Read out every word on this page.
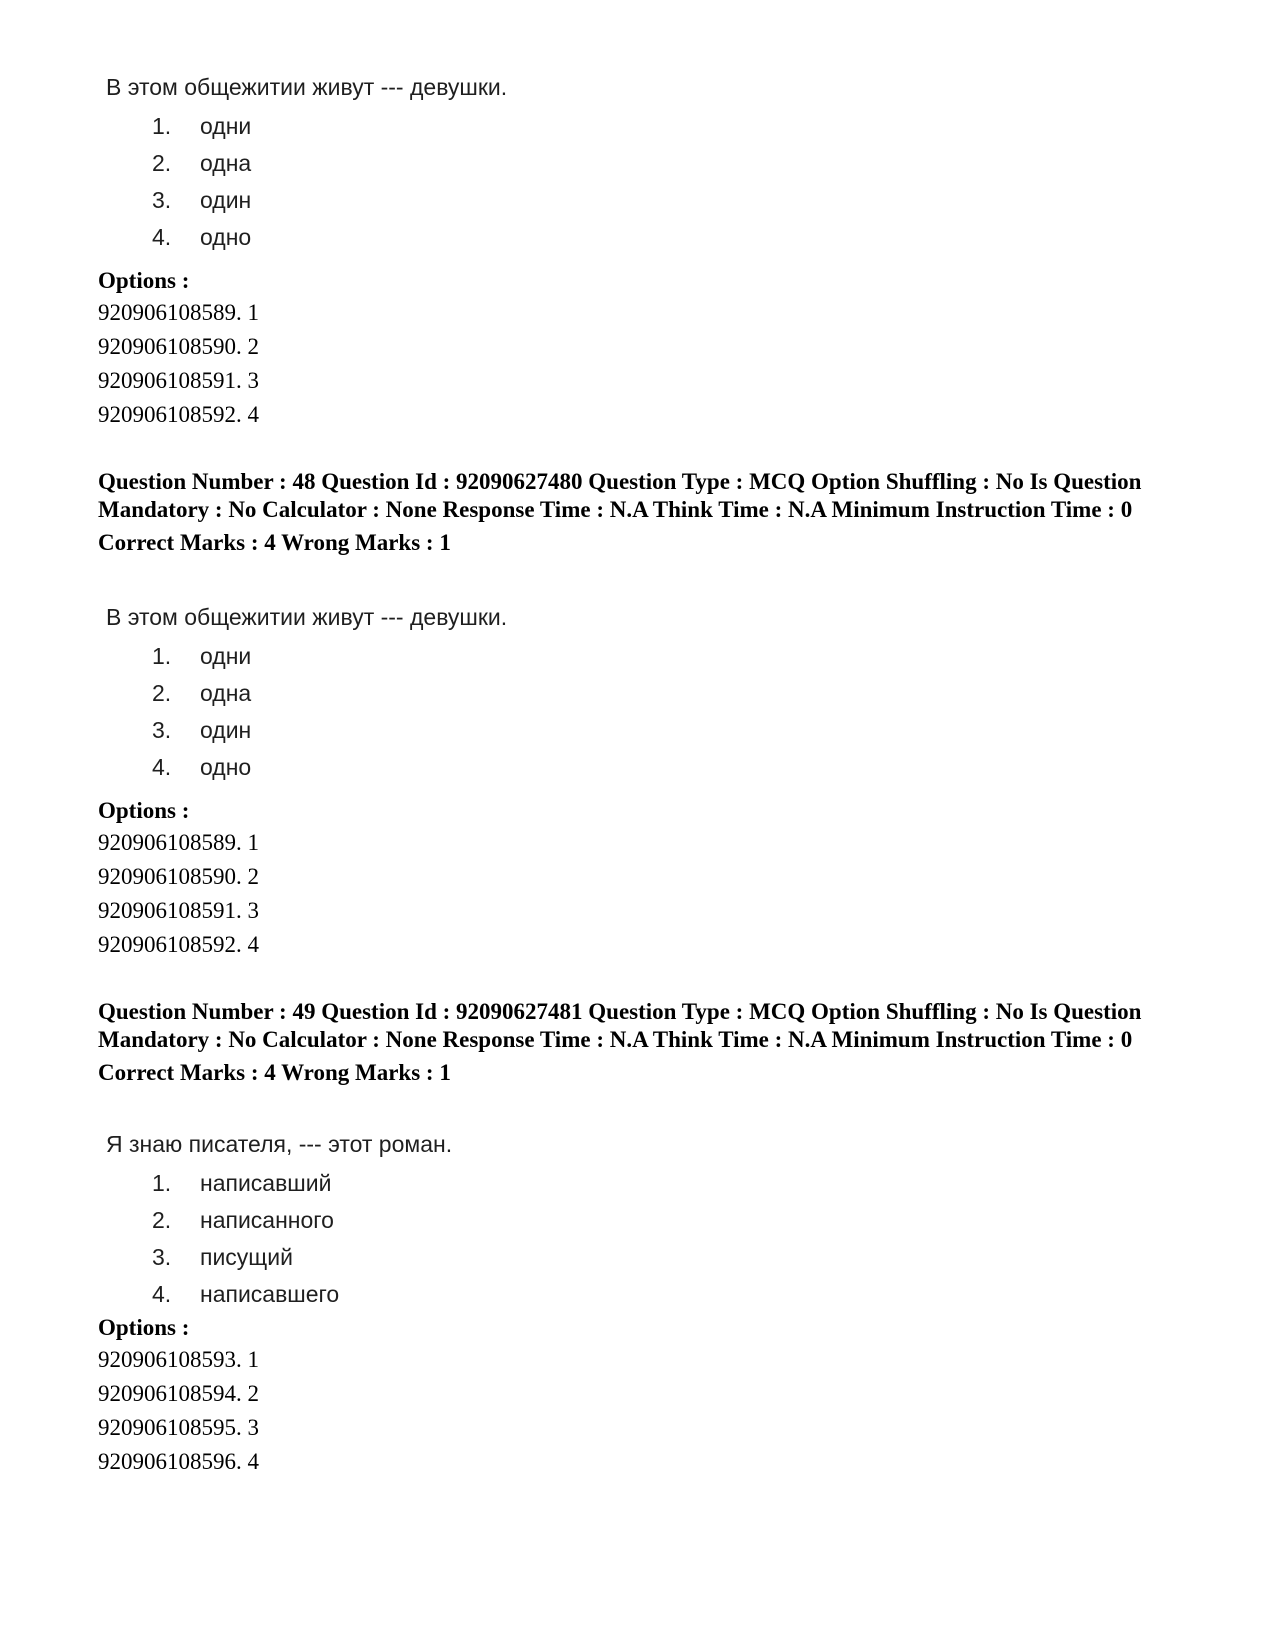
В этом общежитии живут --- девушки.
1.	одни
2.	одна
3.	один
4.	одно
Options :
920906108589. 1
920906108590. 2
920906108591. 3
920906108592. 4
Question Number : 48 Question Id : 92090627480 Question Type : MCQ Option Shuffling : No Is Question Mandatory : No Calculator : None Response Time : N.A Think Time : N.A Minimum Instruction Time : 0
Correct Marks : 4 Wrong Marks : 1
В этом общежитии живут --- девушки.
1.	одни
2.	одна
3.	один
4.	одно
Options :
920906108589. 1
920906108590. 2
920906108591. 3
920906108592. 4
Question Number : 49 Question Id : 92090627481 Question Type : MCQ Option Shuffling : No Is Question Mandatory : No Calculator : None Response Time : N.A Think Time : N.A Minimum Instruction Time : 0
Correct Marks : 4 Wrong Marks : 1
Я знаю писателя, --- этот роман.
1.	написавший
2.	написанного
3.	писущий
4.	написавшего
Options :
920906108593. 1
920906108594. 2
920906108595. 3
920906108596. 4
